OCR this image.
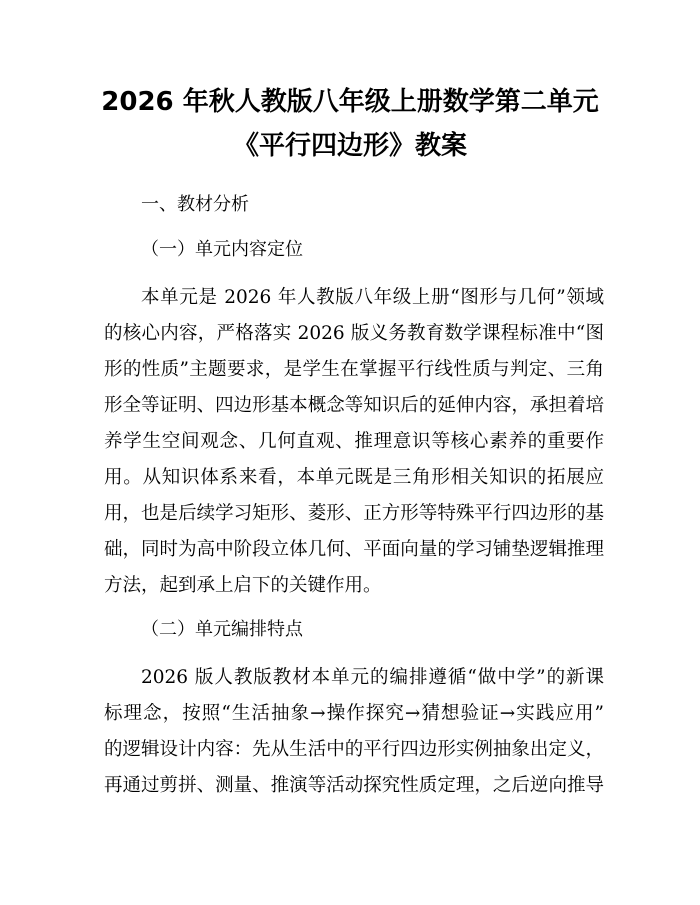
2026 年秋人教版八年级上册数学第二单元
《平行四边形》教案
一、教材分析
（一）单元内容定位
本单元是 2026 年人教版八年级上册“图形与几何”领域
的核心内容，严格落实 2026 版义务教育数学课程标准中“图
形的性质”主题要求，是学生在掌握平行线性质与判定、三角
形全等证明、四边形基本概念等知识后的延伸内容，承担着培
养学生空间观念、几何直观、推理意识等核心素养的重要作
用。从知识体系来看，本单元既是三角形相关知识的拓展应
用，也是后续学习矩形、菱形、正方形等特殊平行四边形的基
础，同时为高中阶段立体几何、平面向量的学习铺垫逻辑推理
方法，起到承上启下的关键作用。
（二）单元编排特点
2026 版人教版教材本单元的编排遵循“做中学”的新课
标理念，按照“生活抽象→操作探究→猜想验证→实践应用”
的逻辑设计内容：先从生活中的平行四边形实例抽象出定义，
再通过剪拼、测量、推演等活动探究性质定理，之后逆向推导
